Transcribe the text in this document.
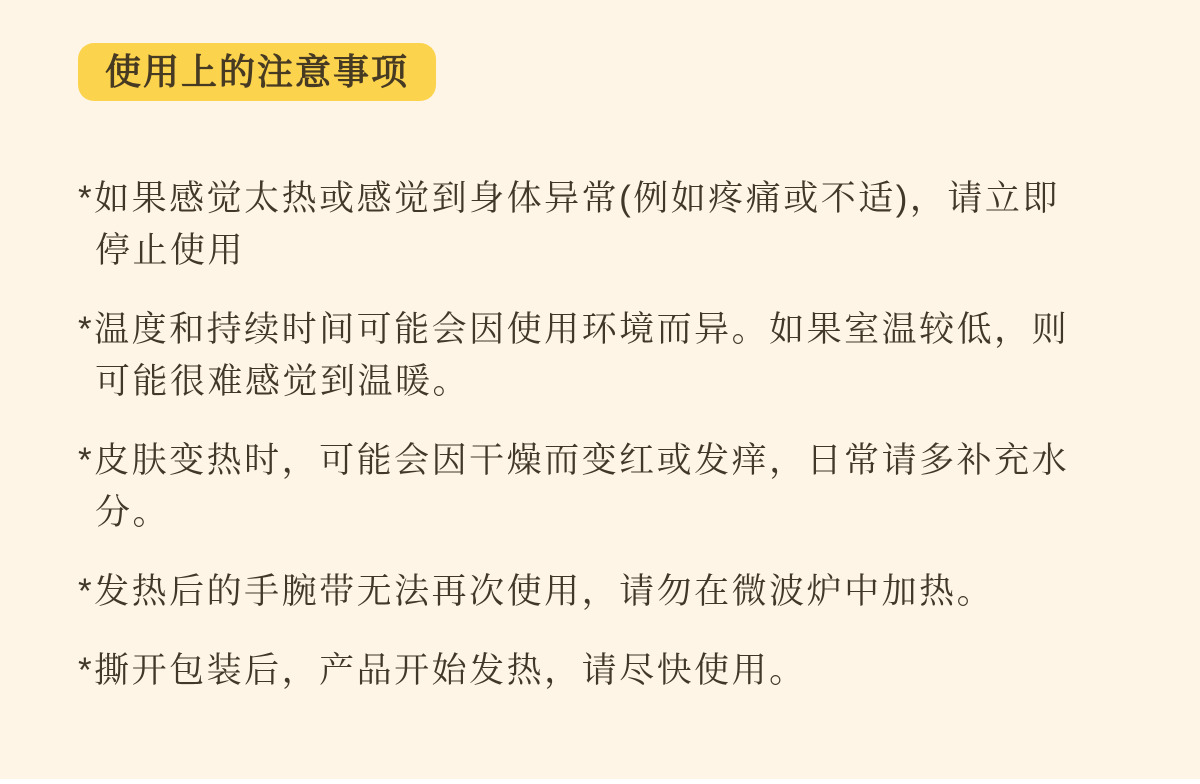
使用上的注意事项

*如果感觉太热或感觉到身体异常(例如疼痛或不适)，请立即停止使用

*温度和持续时间可能会因使用环境而异。如果室温较低，则可能很难感觉到温暖。

*皮肤变热时，可能会因干燥而变红或发痒，日常请多补充水分。

*发热后的手腕带无法再次使用，请勿在微波炉中加热。

*撕开包装后，产品开始发热，请尽快使用。
